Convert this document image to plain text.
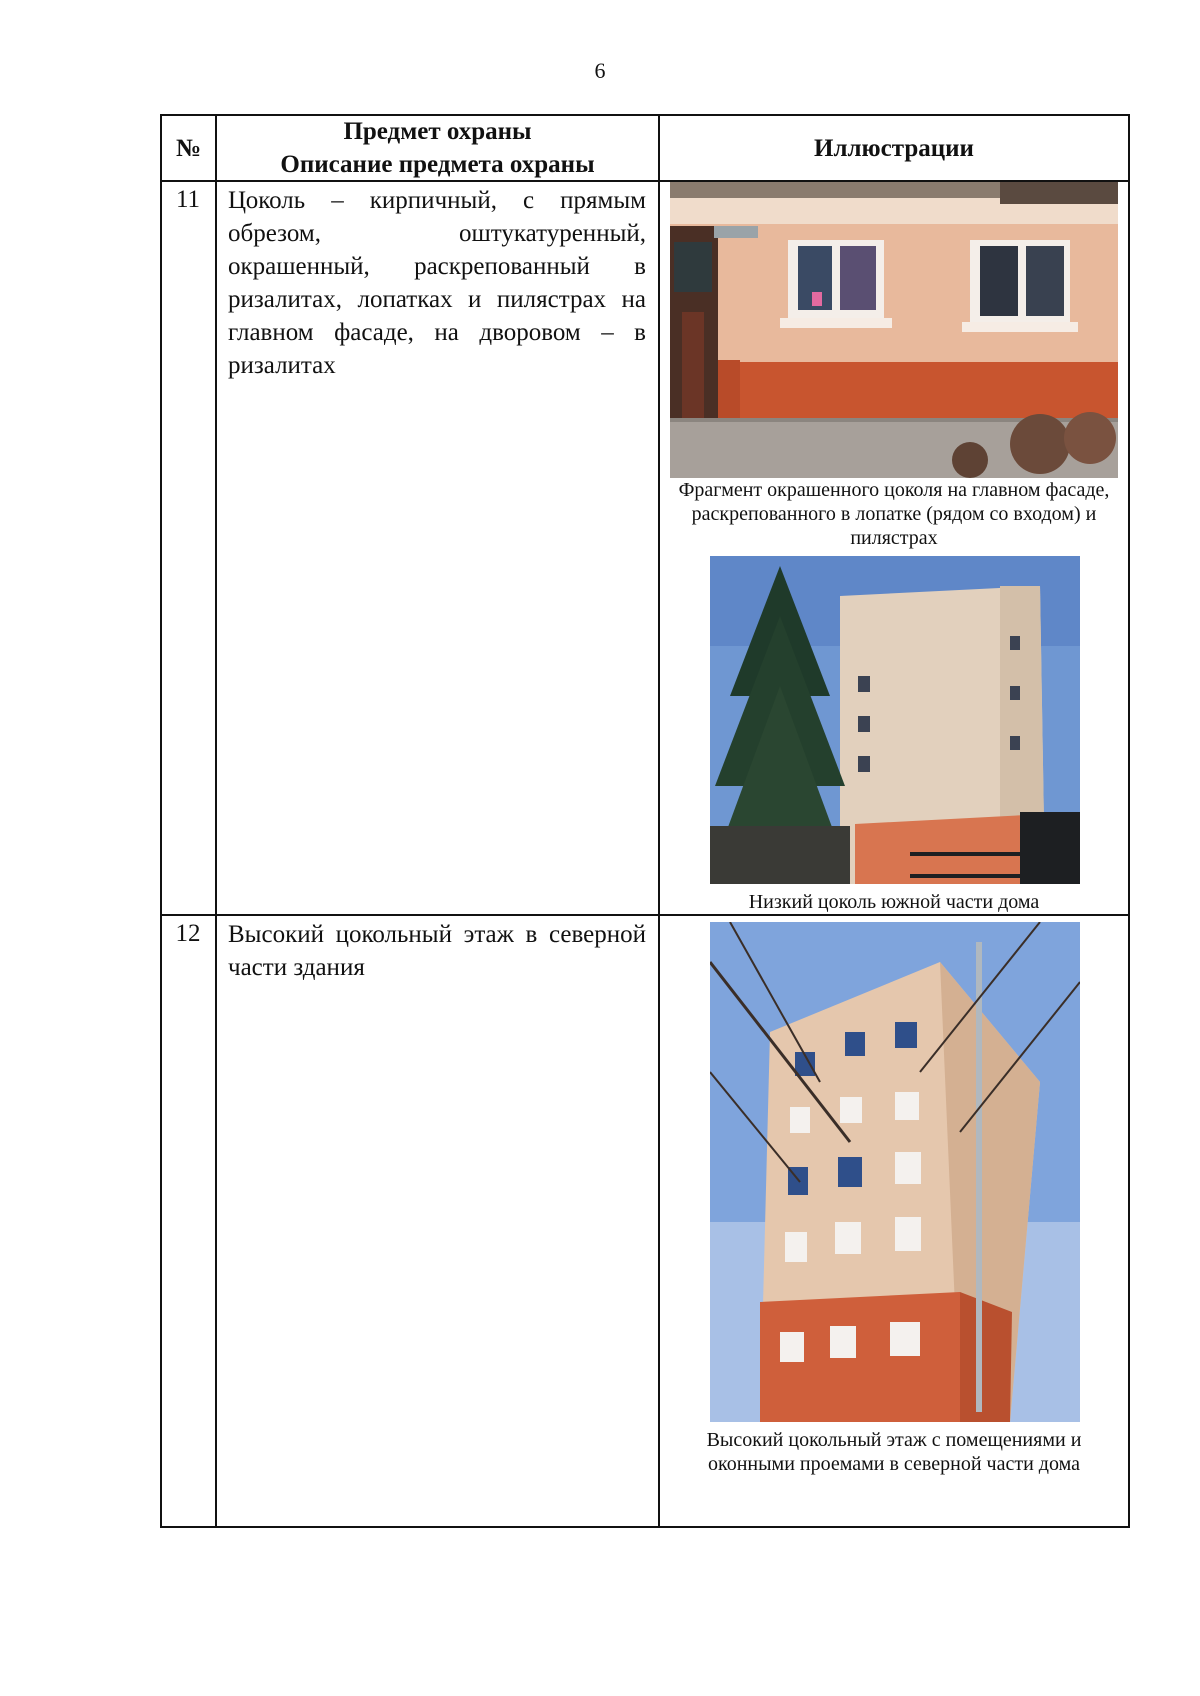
6
№
Предмет охраны
Описание предмета охраны
Иллюстрации
11	Цоколь – кирпичный, с прямым обрезом, оштукатуренный, окрашенный, раскрепованный в ризалитах, лопатках и пилястрах на главном фасаде, на дворовом – в ризалитах
Фрагмент окрашенного цоколя на главном фасаде, раскрепованного в лопатке (рядом со входом) и пилястрах
Низкий цоколь южной части дома
12	Высокий цокольный этаж в северной части здания
Высокий цокольный этаж с помещениями и оконными проемами в северной части дома
